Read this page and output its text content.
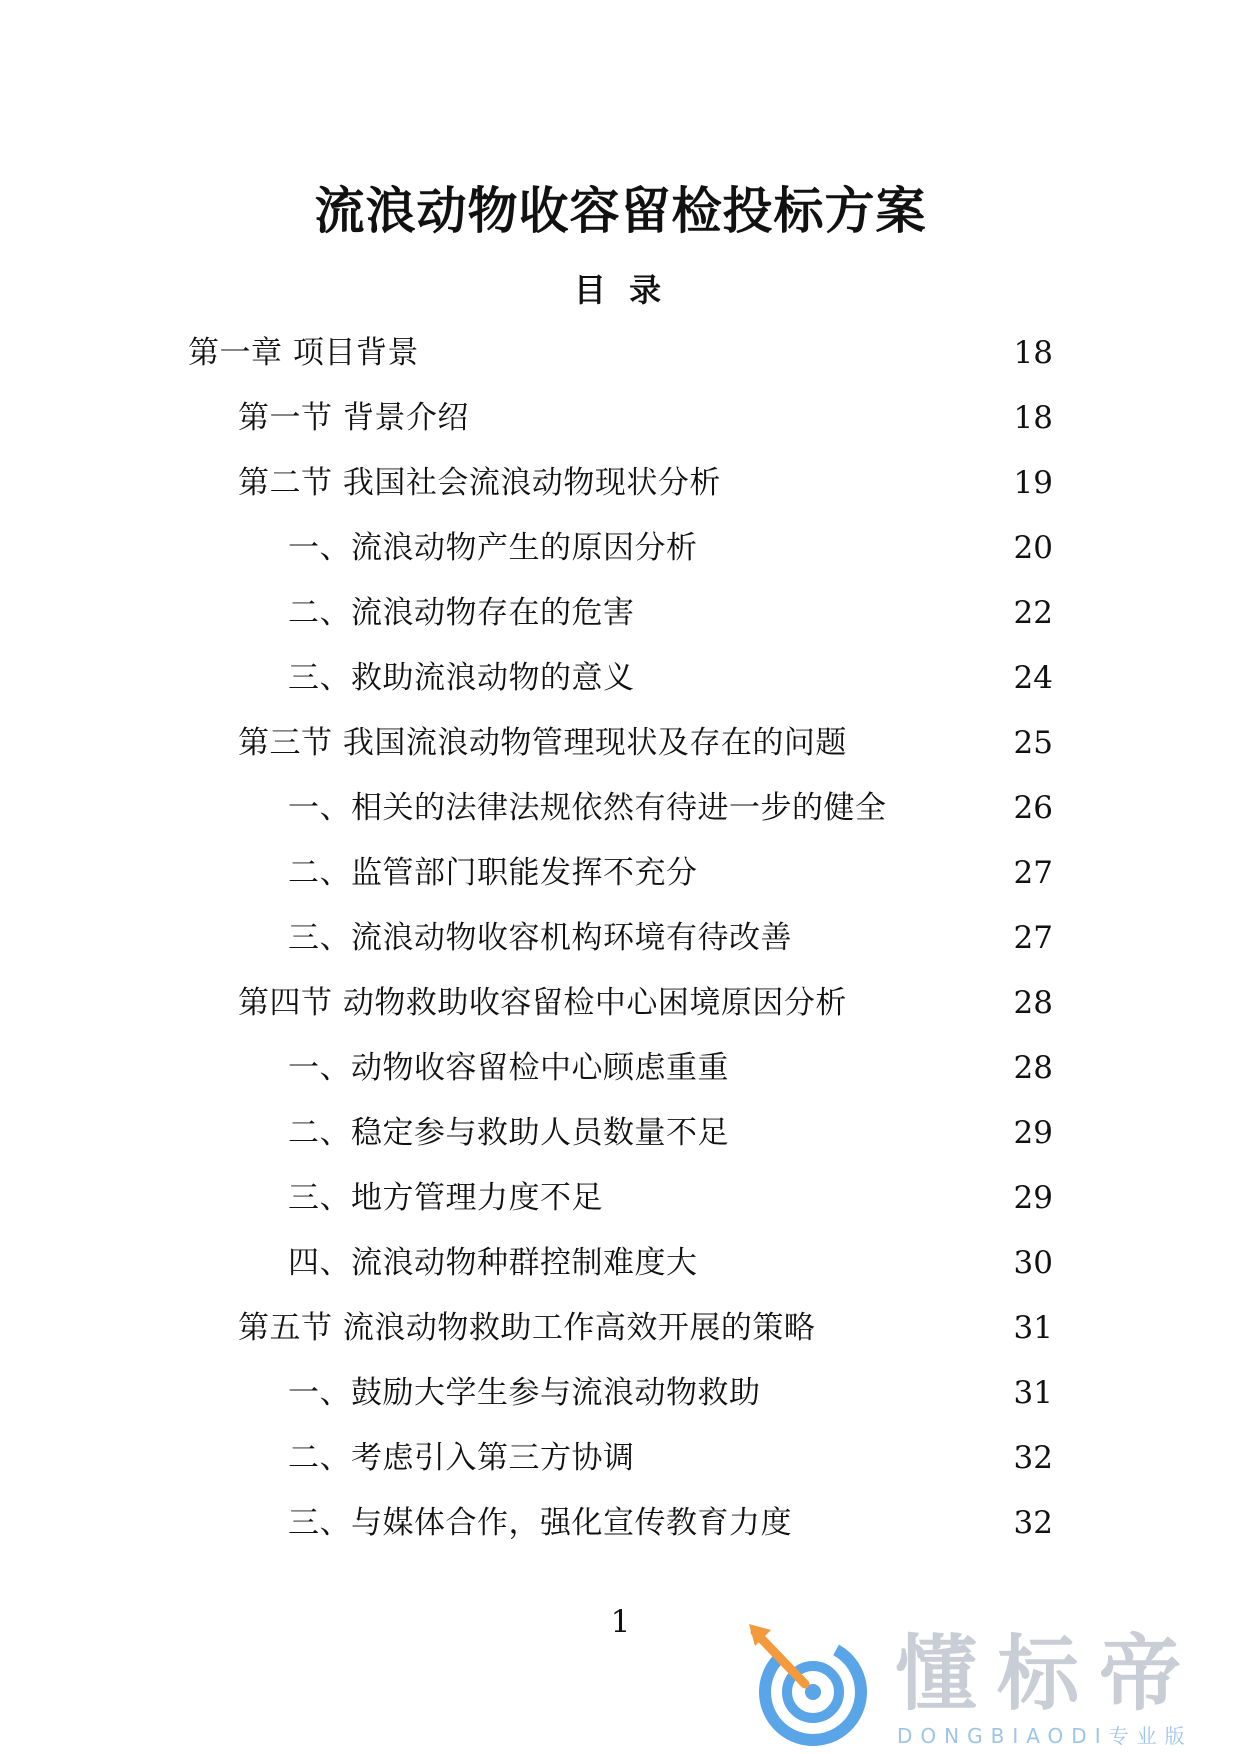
流浪动物收容留检投标方案
目 录
第一章 项目背景	18
第一节 背景介绍	18
第二节 我国社会流浪动物现状分析	19
一、流浪动物产生的原因分析	20
二、流浪动物存在的危害	22
三、救助流浪动物的意义	24
第三节 我国流浪动物管理现状及存在的问题	25
一、相关的法律法规依然有待进一步的健全	26
二、监管部门职能发挥不充分	27
三、流浪动物收容机构环境有待改善	27
第四节 动物救助收容留检中心困境原因分析	28
一、动物收容留检中心顾虑重重	28
二、稳定参与救助人员数量不足	29
三、地方管理力度不足	29
四、流浪动物种群控制难度大	30
第五节 流浪动物救助工作高效开展的策略	31
一、鼓励大学生参与流浪动物救助	31
二、考虑引入第三方协调	32
三、与媒体合作，强化宣传教育力度	32
1
懂标帝
DONGBIAODI专业版
